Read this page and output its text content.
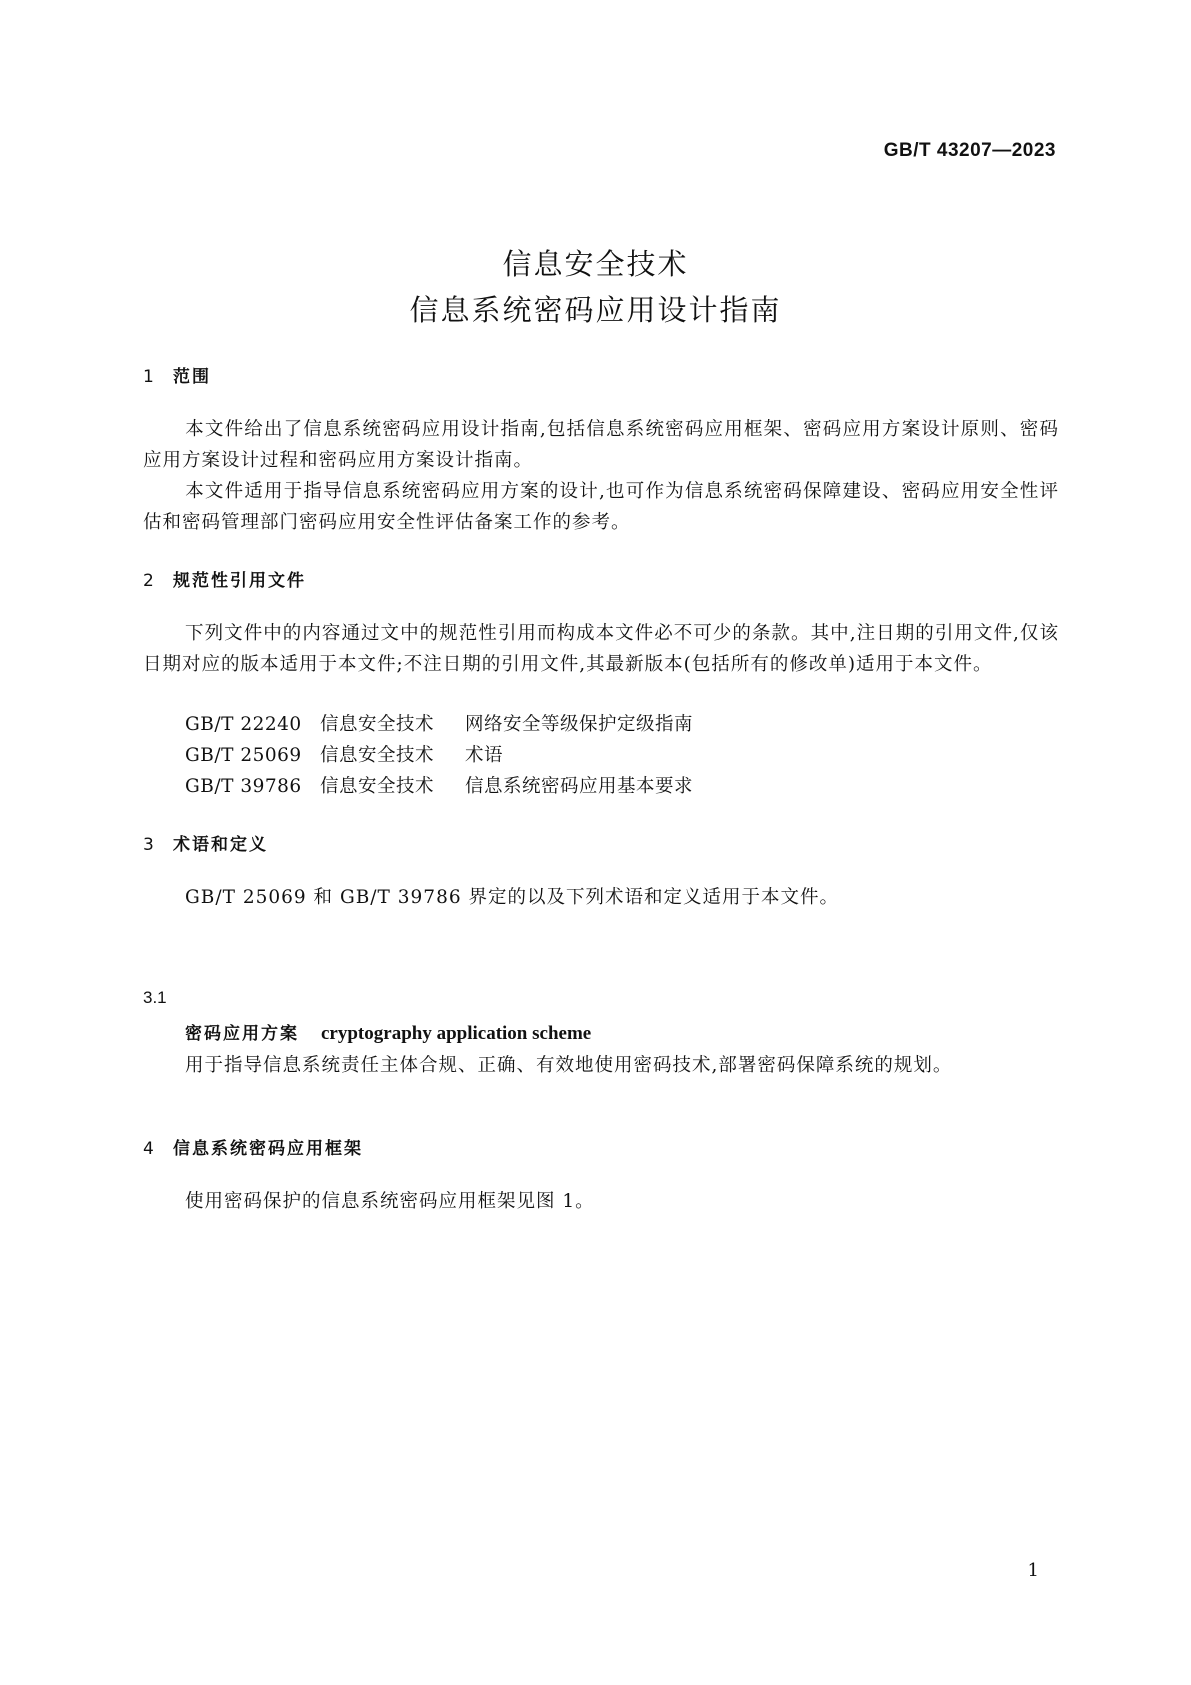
GB/T 43207—2023
信息安全技术
信息系统密码应用设计指南
1 范围
本文件给出了信息系统密码应用设计指南,包括信息系统密码应用框架、密码应用方案设计原则、密码应用方案设计过程和密码应用方案设计指南。
本文件适用于指导信息系统密码应用方案的设计,也可作为信息系统密码保障建设、密码应用安全性评估和密码管理部门密码应用安全性评估备案工作的参考。
2 规范性引用文件
下列文件中的内容通过文中的规范性引用而构成本文件必不可少的条款。其中,注日期的引用文件,仅该日期对应的版本适用于本文件;不注日期的引用文件,其最新版本(包括所有的修改单)适用于本文件。
GB/T 22240 信息安全技术 网络安全等级保护定级指南
GB/T 25069 信息安全技术 术语
GB/T 39786 信息安全技术 信息系统密码应用基本要求
3 术语和定义
GB/T 25069 和 GB/T 39786 界定的以及下列术语和定义适用于本文件。
3.1
密码应用方案 cryptography application scheme
用于指导信息系统责任主体合规、正确、有效地使用密码技术,部署密码保障系统的规划。
4 信息系统密码应用框架
使用密码保护的信息系统密码应用框架见图 1。
1
